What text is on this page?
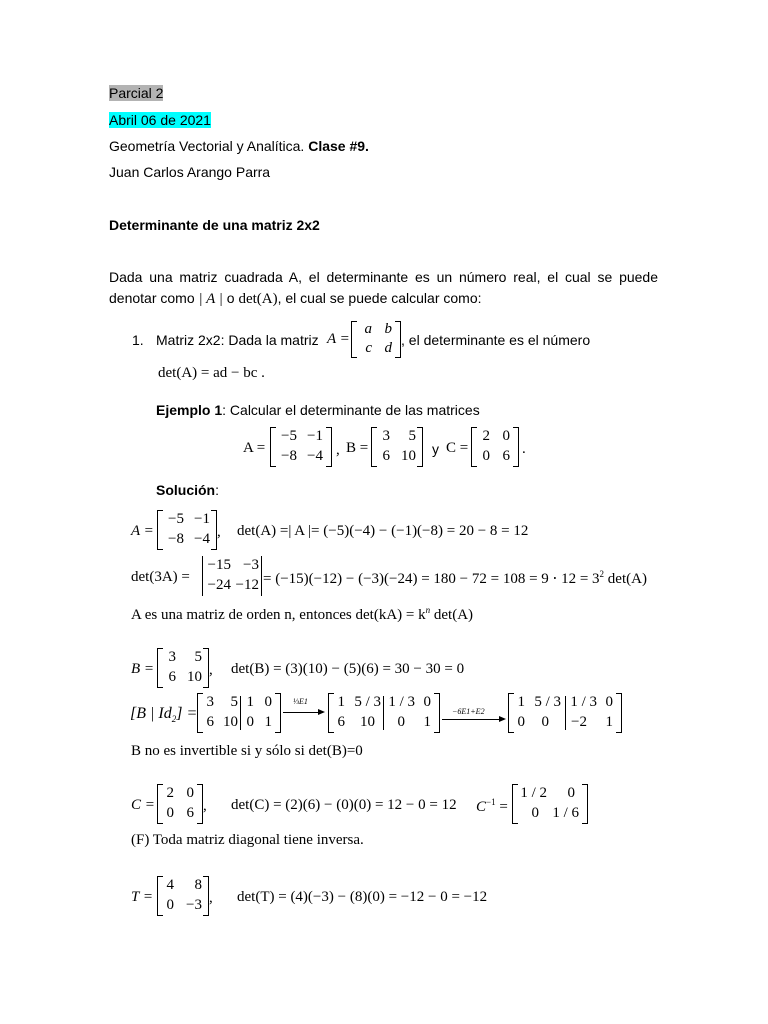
Parcial 2
Abril 06 de 2021
Geometría Vectorial y Analítica. Clase #9.
Juan Carlos Arango Parra
Determinante de una matriz 2x2
Dada una matriz cuadrada A, el determinante es un número real, el cual se puede
denotar como | A | o det(A), el cual se puede calcular como:
1. Matriz 2x2: Dada la matriz A =
a b
c d , el determinante es el número
det(A) = ad − bc .
Ejemplo 1: Calcular el determinante de las matrices
A =
−5 −1
−8 −4 , B =
3	5
6 10 y C =
2 0
0 6 .
Solución:
A =
−5 −1
−8 −4 , det(A) =| A |= (−5)(−4) − (−1)(−8) = 20 − 8 = 12
det(3A) =
−15 −3
$-24 -12 = (-15)(-12) - (-3)(-24) = 180 - 72 = 108 = 9 \cdot 12 = 3^2$ det(A)
A es una matriz de orden n, entonces $\det(kA) = k^n$ det(A)
B =
3	5
6 10 , det(B) = (3)(10) − (5)(6) = 30 − 30 = 0
[B | $Id_2$] =
3	5 1 0
6 10 0 1
⅓E1	1 5 / 3 1 / 3 0
6	10	0	1
−6E1+E2
1 5 / 3 1 / 3 0
0	0	−2	1
B no es invertible si y sólo si det(B)=0
C =
2 0
0 6 , det(C) = (2)(6) − (0)(0) = 12 − 0 = 12 $C^{-1}$ =
1 / 2	0
0 1 / 6
(F) Toda matriz diagonal tiene inversa.
T =
4	8
0 −3 , det(T) = (4)(−3) − (8)(0) = −12 − 0 = −12
